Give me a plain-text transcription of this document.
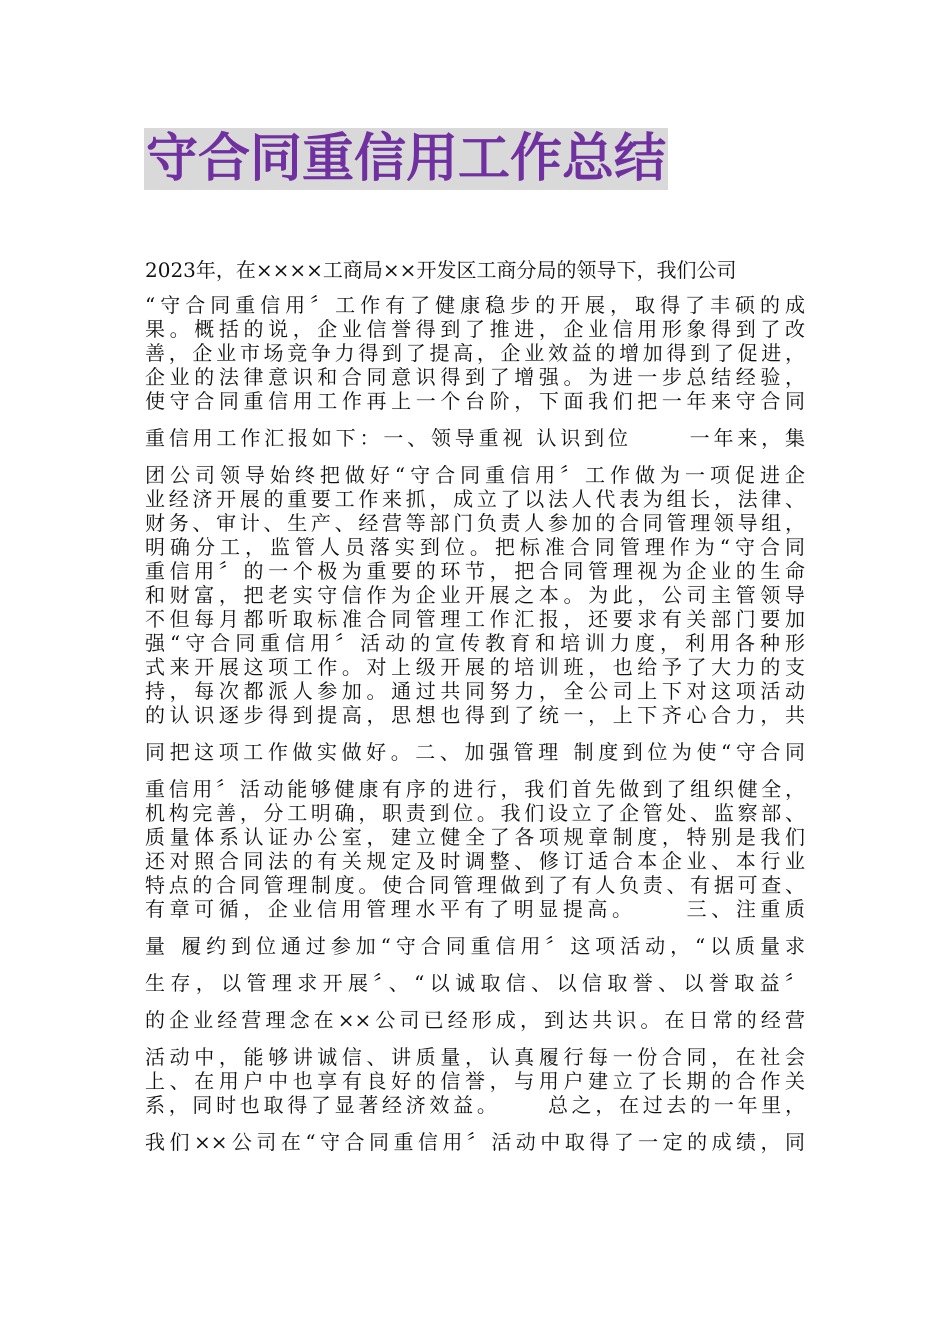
守合同重信用工作总结
2023年，在××××工商局××开发区工商分局的领导下，我们公司
“守合同重信用〞工作有了健康稳步的开展，取得了丰硕的成
果。概括的说，企业信誉得到了推进，企业信用形象得到了改
善，企业市场竞争力得到了提高，企业效益的增加得到了促进，
企业的法律意识和合同意识得到了增强。为进一步总结经验，
使守合同重信用工作再上一个台阶，下面我们把一年来守合同
重信用工作汇报如下：一、领导重视 认识到位　　 一年来，集
团公司领导始终把做好“守合同重信用〞工作做为一项促进企
业经济开展的重要工作来抓，成立了以法人代表为组长，法律、
财务、审计、生产、经营等部门负责人参加的合同管理领导组，
明确分工，监管人员落实到位。把标准合同管理作为“守合同
重信用〞的一个极为重要的环节，把合同管理视为企业的生命
和财富，把老实守信作为企业开展之本。为此，公司主管领导
不但每月都听取标准合同管理工作汇报，还要求有关部门要加
强“守合同重信用〞活动的宣传教育和培训力度，利用各种形
式来开展这项工作。对上级开展的培训班，也给予了大力的支
持，每次都派人参加。通过共同努力，全公司上下对这项活动
的认识逐步得到提高，思想也得到了统一，上下齐心合力，共
同把这项工作做实做好。二、加强管理 制度到位为使“守合同
重信用〞活动能够健康有序的进行，我们首先做到了组织健全，
机构完善，分工明确，职责到位。我们设立了企管处、监察部、
质量体系认证办公室，建立健全了各项规章制度，特别是我们
还对照合同法的有关规定及时调整、修订适合本企业、本行业
特点的合同管理制度。使合同管理做到了有人负责、有据可查、
有章可循，企业信用管理水平有了明显提高。　　 三、注重质
量 履约到位通过参加“守合同重信用〞这项活动，“以质量求
生存，以管理求开展〞、“以诚取信、以信取誉、以誉取益〞
的企业经营理念在××公司已经形成，到达共识。在日常的经营
活动中，能够讲诚信、讲质量，认真履行每一份合同，在社会
上、在用户中也享有良好的信誉，与用户建立了长期的合作关
系，同时也取得了显著经济效益。　　 总之，在过去的一年里，
我们××公司在“守合同重信用〞活动中取得了一定的成绩，同
